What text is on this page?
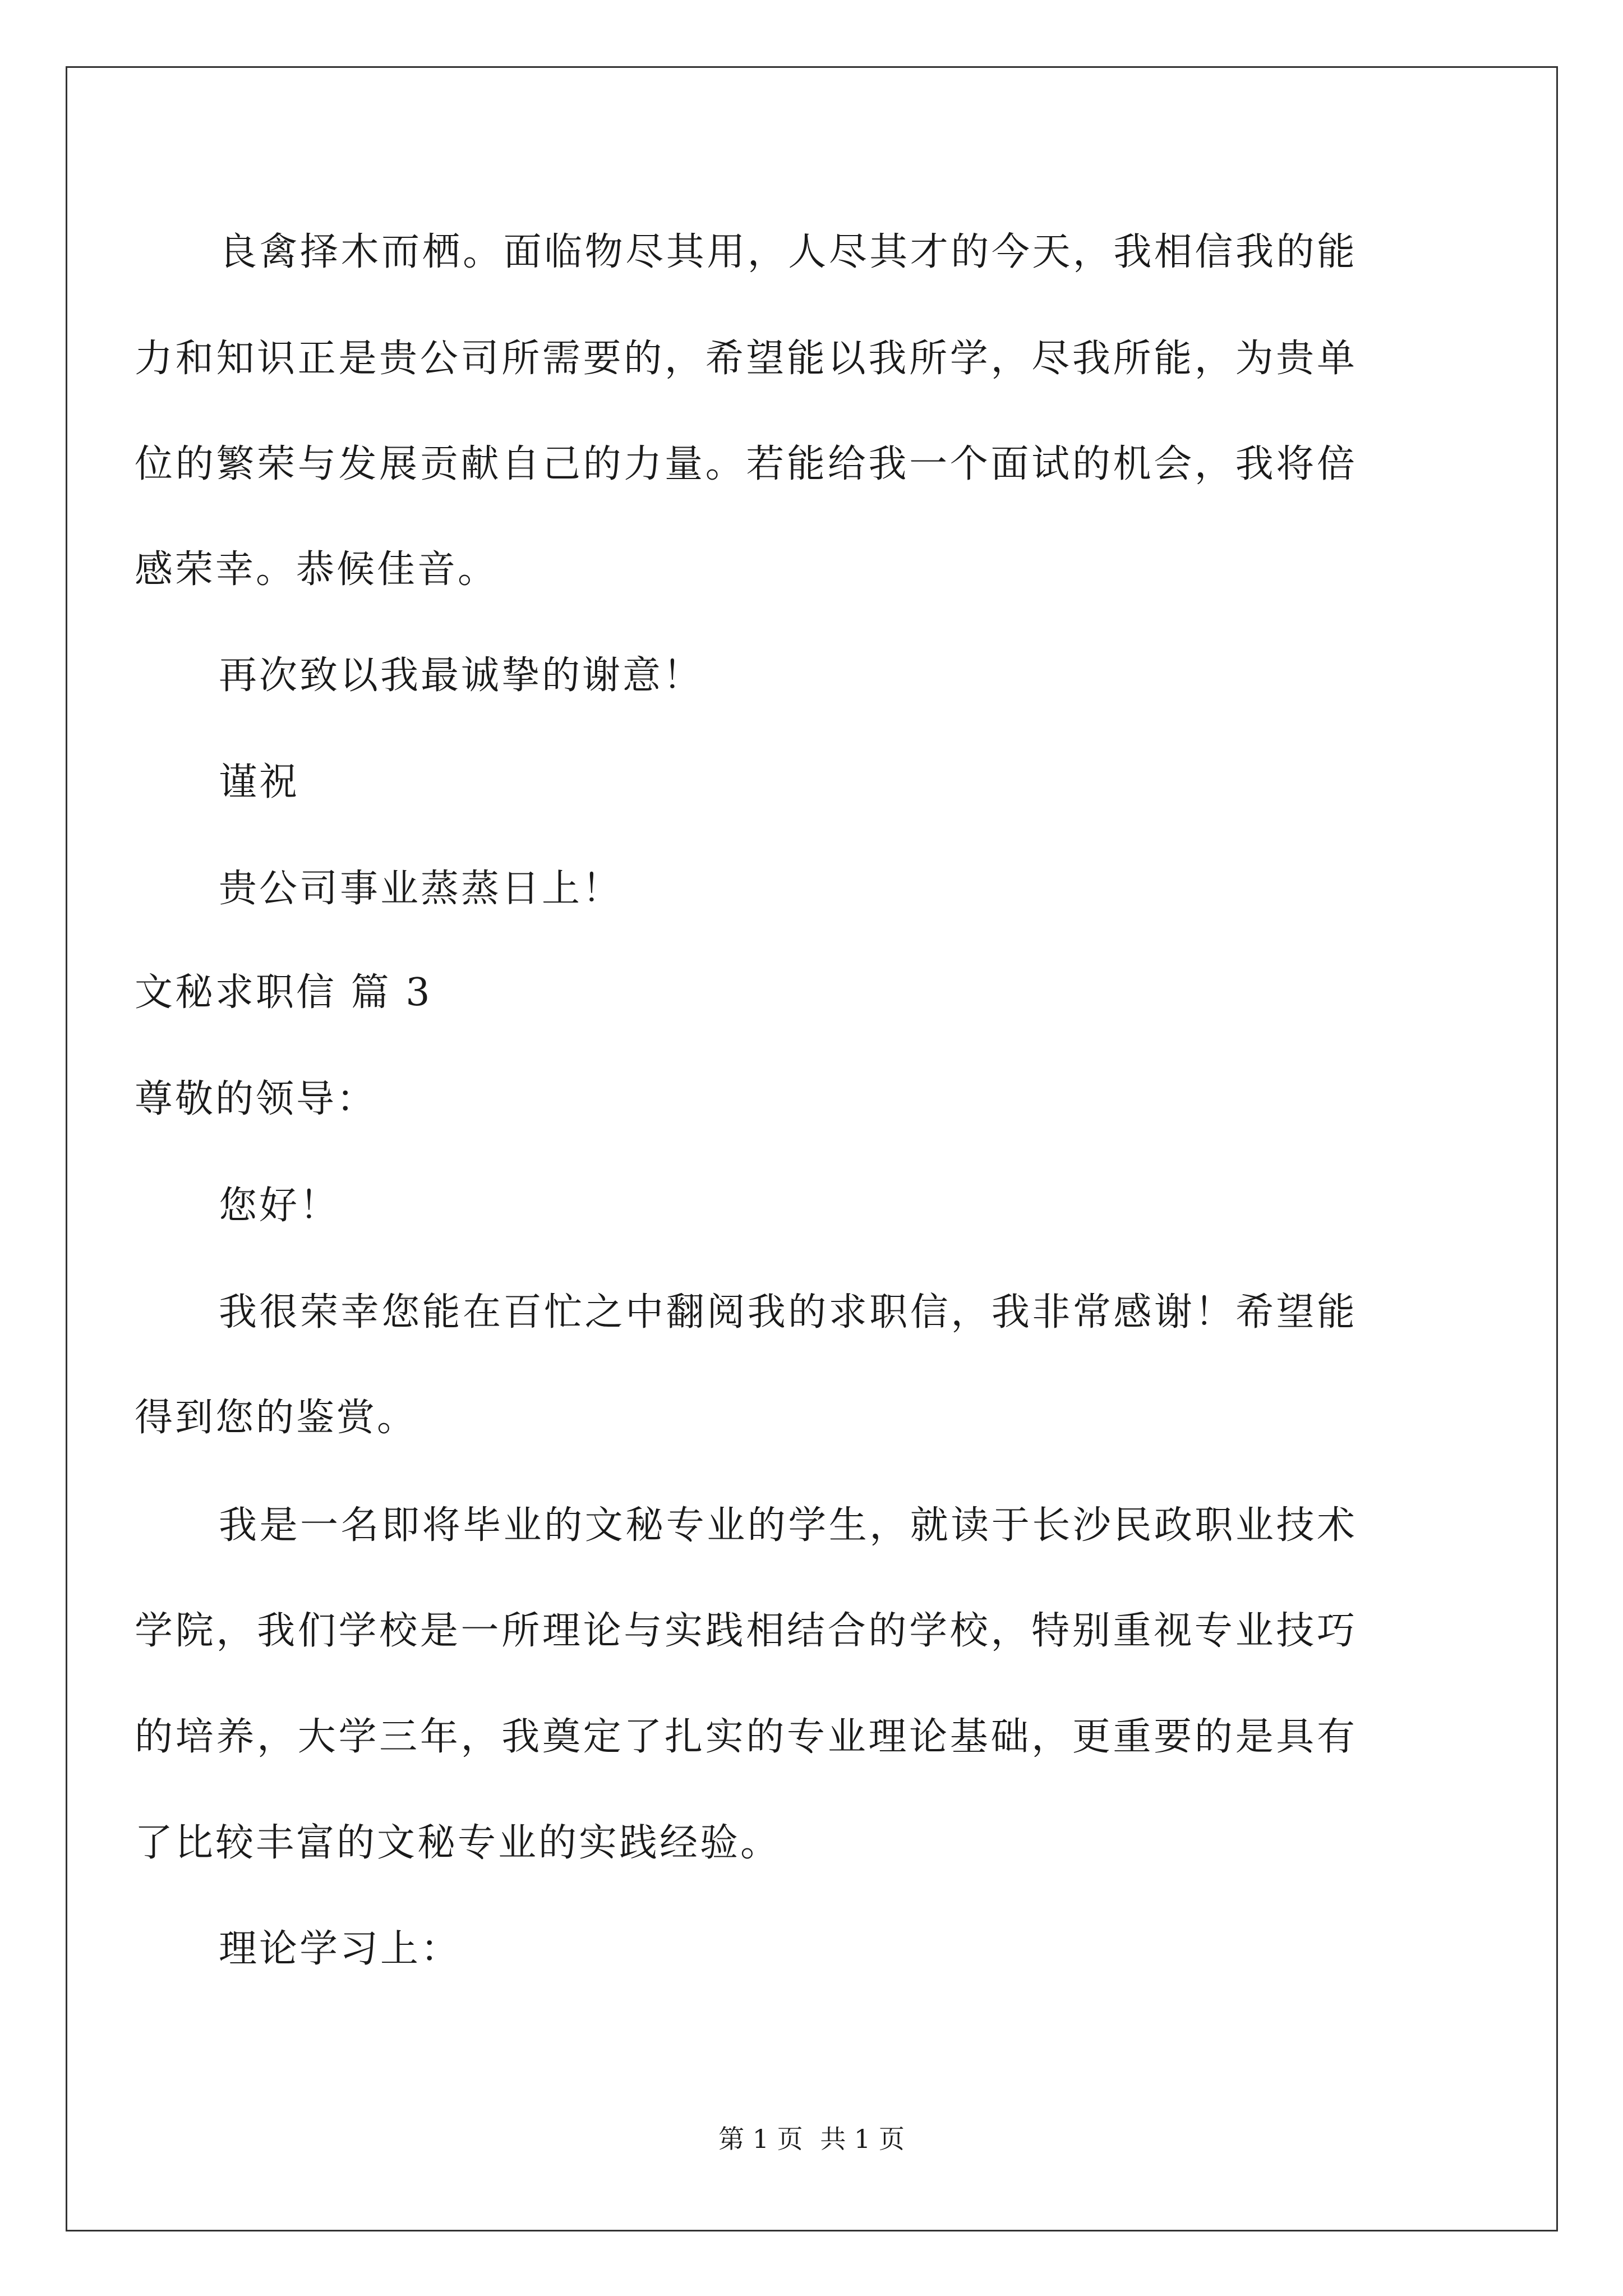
良禽择木而栖。面临物尽其用，人尽其才的今天，我相信我的能
力和知识正是贵公司所需要的，希望能以我所学，尽我所能，为贵单
位的繁荣与发展贡献自己的力量。若能给我一个面试的机会，我将倍
感荣幸。恭候佳音。
再次致以我最诚挚的谢意！
谨祝
贵公司事业蒸蒸日上！
文秘求职信 篇 3
尊敬的领导：
您好！
我很荣幸您能在百忙之中翻阅我的求职信，我非常感谢！希望能
得到您的鉴赏。
我是一名即将毕业的文秘专业的学生，就读于长沙民政职业技术
学院，我们学校是一所理论与实践相结合的学校，特别重视专业技巧
的培养，大学三年，我奠定了扎实的专业理论基础，更重要的是具有
了比较丰富的文秘专业的实践经验。
理论学习上：
第 1 页 共 1 页
